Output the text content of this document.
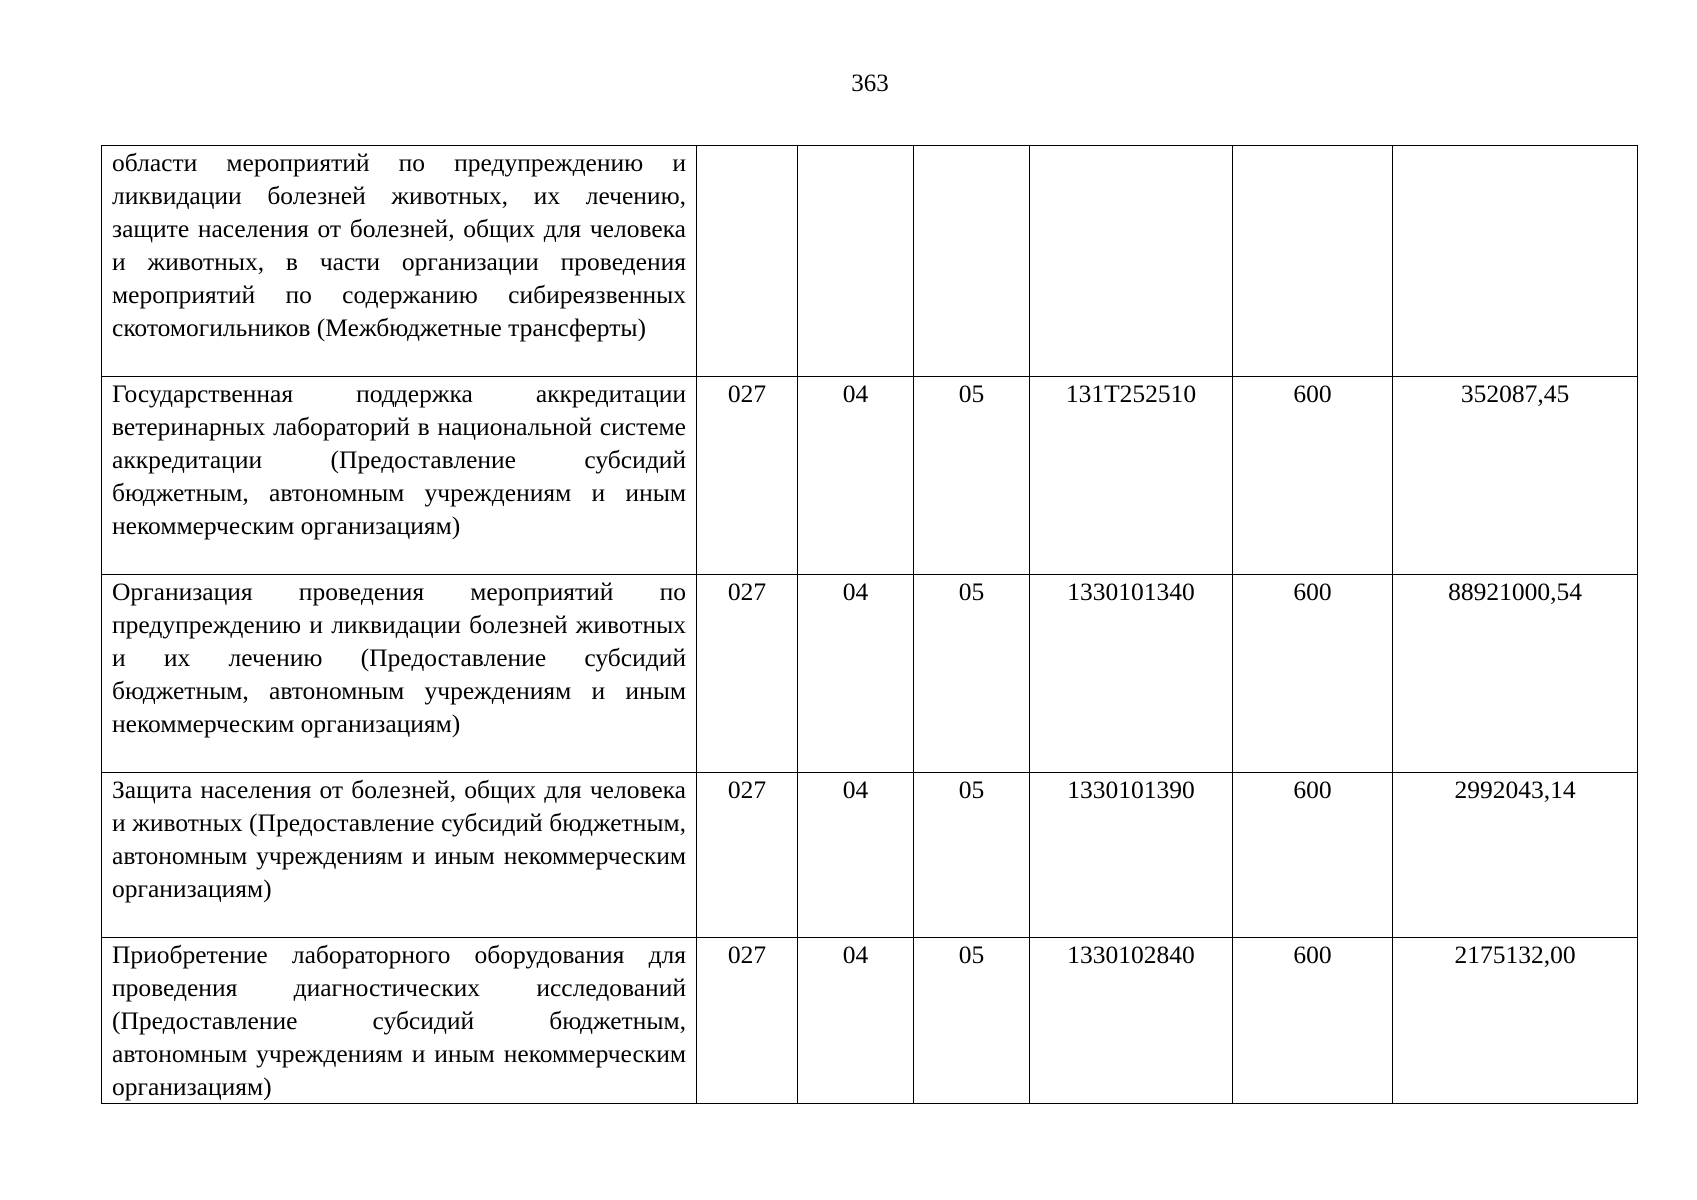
363
области мероприятий по предупреждению и ликвидации болезней животных, их лечению, защите населения от болезней, общих для человека и животных, в части организации проведения мероприятий по содержанию сибиреязвенных скотомогильников (Межбюджетные трансферты)						
Государственная поддержка аккредитации ветеринарных лабораторий в национальной системе аккредитации (Предоставление субсидий бюджетным, автономным учреждениям и иным некоммерческим организациям)	027	04	05	131Т252510	600	352087,45
Организация проведения мероприятий по предупреждению и ликвидации болезней животных и их лечению (Предоставление субсидий бюджетным, автономным учреждениям и иным некоммерческим организациям)	027	04	05	1330101340	600	88921000,54
Защита населения от болезней, общих для человека и животных (Предоставление субсидий бюджетным, автономным учреждениям и иным некоммерческим организациям)	027	04	05	1330101390	600	2992043,14
Приобретение лабораторного оборудования для проведения диагностических исследований (Предоставление субсидий бюджетным, автономным учреждениям и иным некоммерческим организациям)	027	04	05	1330102840	600	2175132,00
